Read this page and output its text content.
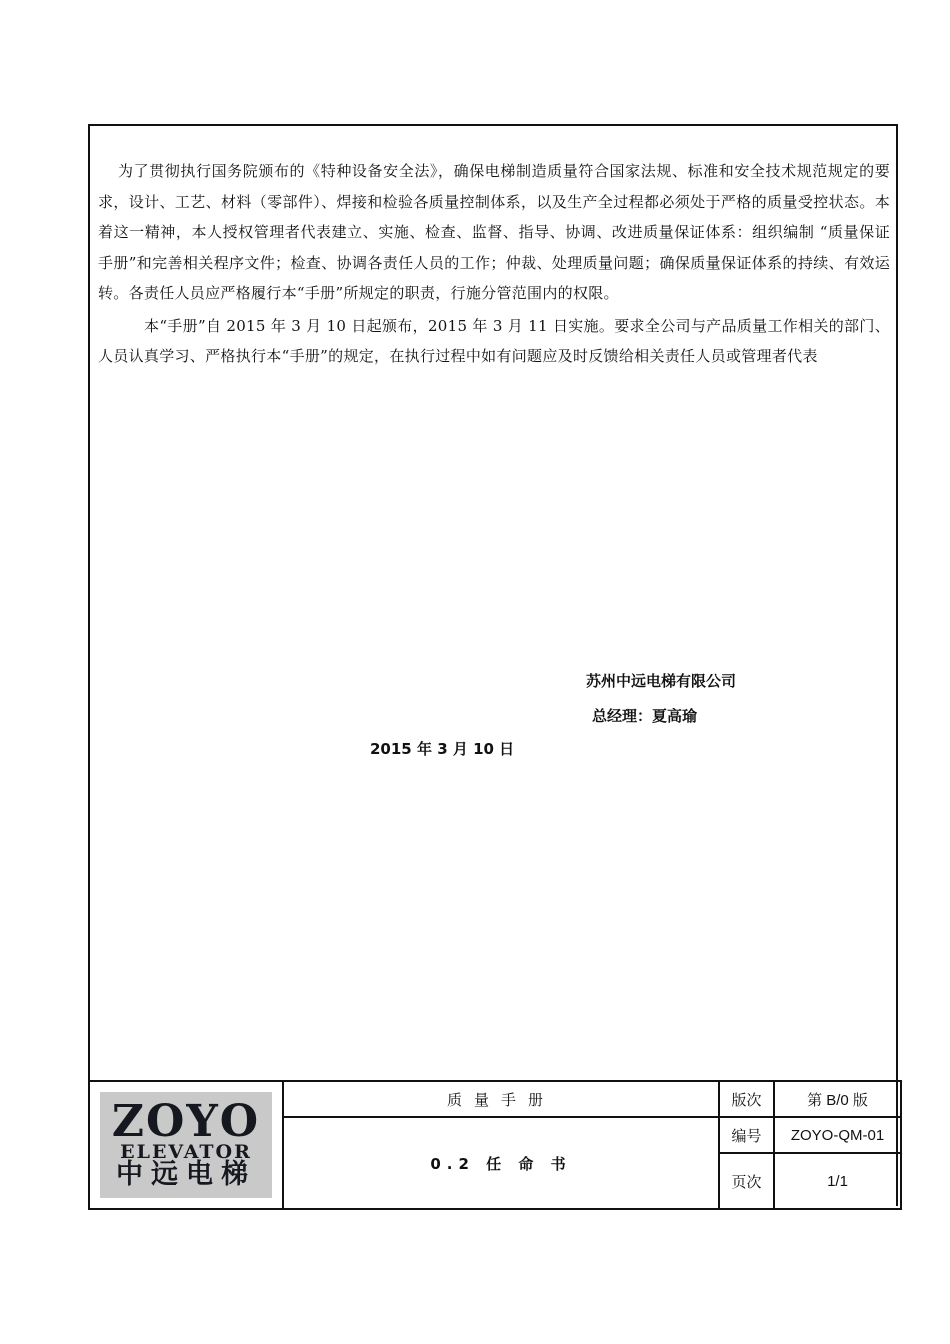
为了贯彻执行国务院颁布的《特种设备安全法》，确保电梯制造质量符合国家法规、标准和安全技术规范规定的要求，设计、工艺、材料（零部件）、焊接和检验各质量控制体系，以及生产全过程都必须处于严格的质量受控状态。本着这一精神，本人授权管理者代表建立、实施、检查、监督、指导、协调、改进质量保证体系：组织编制 “质量保证手册”和完善相关程序文件；检查、协调各责任人员的工作；仲裁、处理质量问题；确保质量保证体系的持续、有效运转。各责任人员应严格履行本“手册”所规定的职责，行施分管范围内的权限。

本“手册”自 2015 年 3 月 10 日起颁布，2015 年 3 月 11 日实施。要求全公司与产品质量工作相关的部门、人员认真学习、严格执行本“手册”的规定，在执行过程中如有问题应及时反馈给相关责任人员或管理者代表

苏州中远电梯有限公司
总经理：夏高瑜
2015 年 3 月 10 日
ZOYO
ELEVATOR
中远电梯	质量手册	版次	第 B/0 版
	0.2 任 命 书	编号	ZOYO-QM-01
		页次	1/1
